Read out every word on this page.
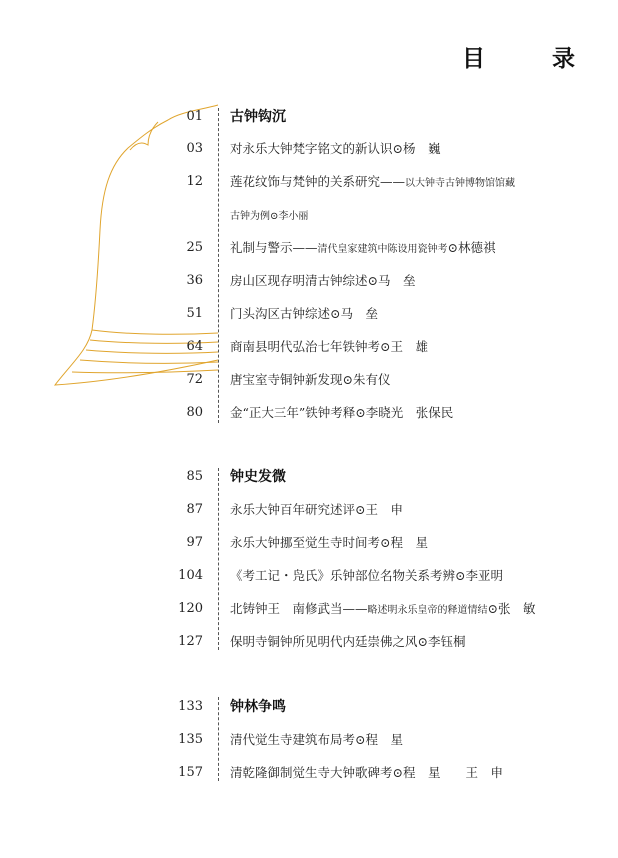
目　录
01 古钟钩沉
03 对永乐大钟梵字铭文的新认识⊙杨　巍
12 莲花纹饰与梵钟的关系研究——以大钟寺古钟博物馆馆藏
古钟为例⊙李小丽
25 礼制与警示——清代皇家建筑中陈设用瓷钟考⊙林德祺
36 房山区现存明清古钟综述⊙马　垒
51 门头沟区古钟综述⊙马　垒
64 商南县明代弘治七年铁钟考⊙王　雄
72 唐宝室寺铜钟新发现⊙朱有仪
80 金“正大三年”铁钟考释⊙李晓光　张保民
85 钟史发微
87 永乐大钟百年研究述评⊙王　申
97 永乐大钟挪至觉生寺时间考⊙程　星
104 《考工记・凫氏》乐钟部位名物关系考辨⊙李亚明
120 北铸钟王　南修武当——略述明永乐皇帝的释道情结⊙张　敏
127 保明寺铜钟所见明代内廷崇佛之风⊙李钰桐
133 钟林争鸣
135 清代觉生寺建筑布局考⊙程　星
157 清乾隆御制觉生寺大钟歌碑考⊙程　星　　王　申
